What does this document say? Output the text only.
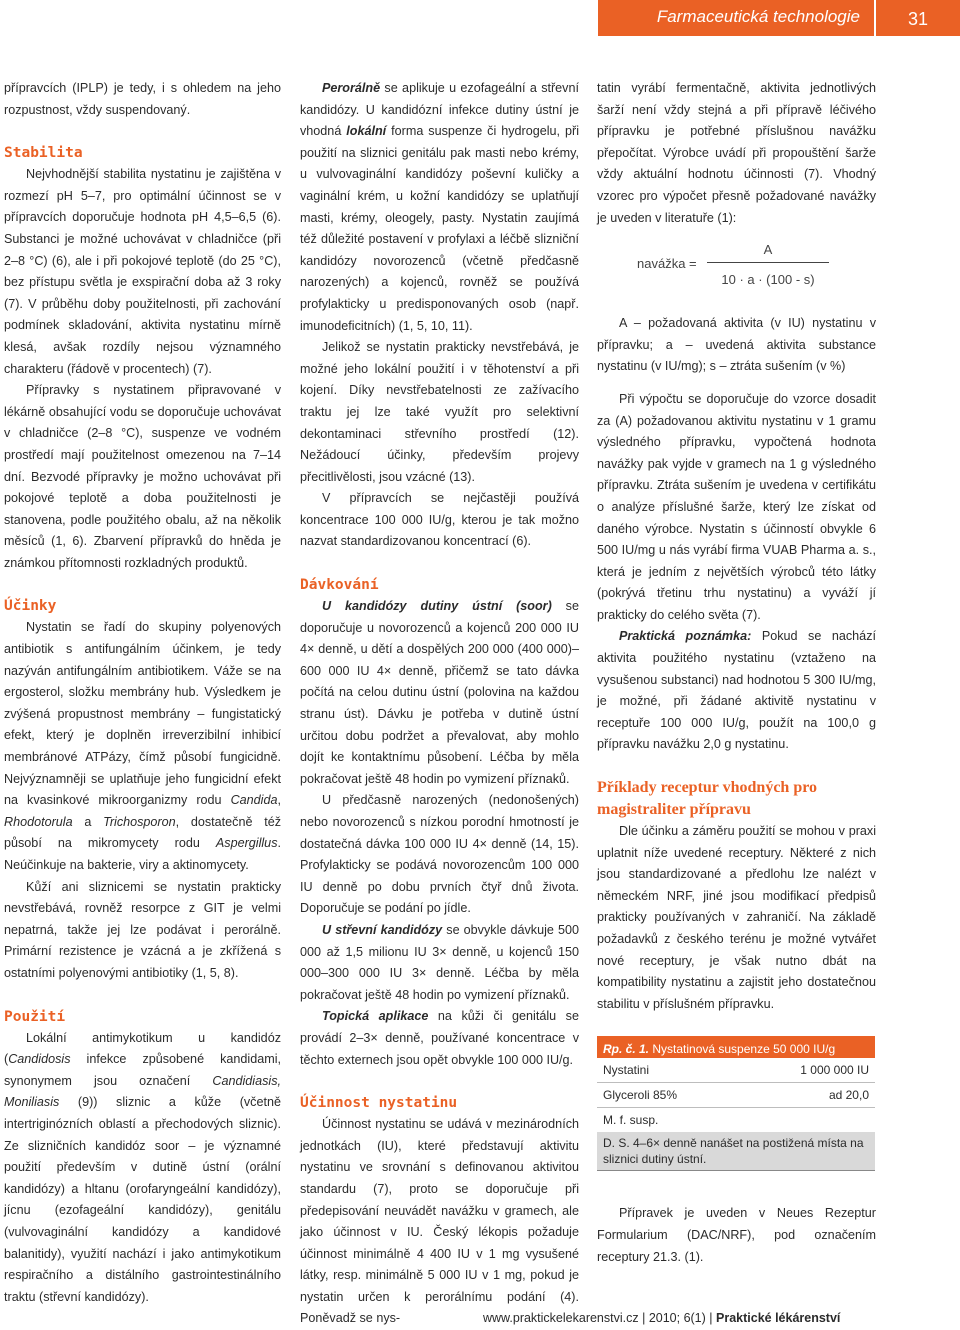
Farmaceutická technologie	31

přípravcích (IPLP) je tedy, i s ohledem na jeho rozpustnost, vždy suspendovaný.

Stabilita

Nejvhodnější stabilita nystatinu je zajištěna v rozmezí pH 5–7, pro optimální účinnost se v přípravcích doporučuje hodnota pH 4,5–6,5 (6). Substanci je možné uchovávat v chladničce (při 2–8 °C) (6), ale i při pokojové teplotě (do 25 °C), bez přístupu světla je exspirační doba až 3 roky (7). V průběhu doby použitelnosti, při zachování podmínek skladování, aktivita nystatinu mírně klesá, avšak rozdíly nejsou významného charakteru (řádově v procentech) (7).

Přípravky s nystatinem připravované v lékárně obsahující vodu se doporučuje uchovávat v chladničce (2–8 °C), suspenze ve vodném prostředí mají použitelnost omezenou na 7–14 dní. Bezvodé přípravky je možno uchovávat při pokojové teplotě a doba použitelnosti je stanovena, podle použitého obalu, až na několik měsíců (1, 6). Zbarvení přípravků do hněda je známkou přítomnosti rozkladných produktů.

Účinky

Nystatin se řadí do skupiny polyenových antibiotik s antifungálním účinkem, je tedy nazýván antifungálním antibiotikem. Váže se na ergosterol, složku membrány hub. Výsledkem je zvýšená propustnost membrány – fungistatický efekt, který je doplněn irreverzibilní inhibicí membránové ATPázy, čímž působí fungicidně. Nejvýznamněji se uplatňuje jeho fungicidní efekt na kvasinkové mikroorganizmy rodu Candida, Rhodotorula a Trichosporon, dostatečně též působí na mikromycety rodu Aspergillus. Neúčinkuje na bakterie, viry a aktinomycety.

Kůží ani sliznicemi se nystatin prakticky nevstřebává, rovněž resorpce z GIT je velmi nepatrná, takže jej lze podávat i perorálně. Primární rezistence je vzácná a je zkřížená s ostatními polyenovými antibiotiky (1, 5, 8).

Použití

Lokální antimykotikum u kandidóz (Candidosis infekce způsobené kandidami, synonymem jsou označení Candidiasis, Moniliasis (9)) sliznic a kůže (včetně intertriginózních oblastí a přechodových sliznic). Ze slizničních kandidóz soor – je významné použití především v dutině ústní (orální kandidózy) a hltanu (orofaryngeální kandidózy), jícnu (ezofageální kandidózy), genitálu (vulvovaginální kandidózy a kandidové balanitidy), využití nachází i jako antimykotikum respiračního a distálního gastrointestinálního traktu (střevní kandidózy).

Perorálně se aplikuje u ezofageální a střevní kandidózy. U kandidózní infekce dutiny ústní je vhodná lokální forma suspenze či hydrogelu, při použití na sliznici genitálu pak masti nebo krémy, u vulvovaginální kandidózy poševní kuličky a vaginální krém, u kožní kandidózy se uplatňují masti, krémy, oleogely, pasty. Nystatin zaujímá též důležité postavení v profylaxi a léčbě slizniční kandidózy novorozenců (včetně předčasně narozených) a kojenců, rovněž se používá profylakticky u predisponovaných osob (např. imunodeficitních) (1, 5, 10, 11).

Jelikož se nystatin prakticky nevstřebává, je možné jeho lokální použití i v těhotenství a při kojení. Díky nevstřebatelnosti ze zažívacího traktu jej lze také využít pro selektivní dekontaminaci střevního prostředí (12). Nežádoucí účinky, především projevy přecitlivělosti, jsou vzácné (13).

V přípravcích se nejčastěji používá koncentrace 100 000 IU/g, kterou je tak možno nazvat standardizovanou koncentrací (6).

Dávkování

U kandidózy dutiny ústní (soor) se doporučuje u novorozenců a kojenců 200 000 IU 4× denně, u dětí a dospělých 200 000 (400 000)–600 000 IU 4× denně, přičemž se tato dávka počítá na celou dutinu ústní (polovina na každou stranu úst). Dávku je potřeba v dutině ústní určitou dobu podržet a převalovat, aby mohlo dojít ke kontaktnímu působení. Léčba by měla pokračovat ještě 48 hodin po vymizení příznaků.

U předčasně narozených (nedonošených) nebo novorozenců s nízkou porodní hmotností je dostatečná dávka 100 000 IU 4× denně (14, 15). Profylakticky se podává novorozencům 100 000 IU denně po dobu prvních čtyř dnů života. Doporučuje se podání po jídle.

U střevní kandidózy se obvykle dávkuje 500 000 až 1,5 milionu IU 3× denně, u kojenců 150 000–300 000 IU 3× denně. Léčba by měla pokračovat ještě 48 hodin po vymizení příznaků.

Topická aplikace na kůži či genitálu se provádí 2–3× denně, používané koncentrace v těchto externech jsou opět obvykle 100 000 IU/g.

Účinnost nystatinu

Účinnost nystatinu se udává v mezinárodních jednotkách (IU), které představují aktivitu nystatinu ve srovnání s definovanou aktivitou standardu (7), proto se doporučuje při předepisování neuvádět navážku v gramech, ale jako účinnost v IU. Český lékopis požaduje účinnost minimálně 4 400 IU v 1 mg vysušené látky, resp. minimálně 5 000 IU v 1 mg, pokud je nystatin určen k perorálnímu podání (4). Poněvadž se nys-

tatin vyrábí fermentačně, aktivita jednotlivých šarží není vždy stejná a při přípravě léčivého přípravku je potřebné příslušnou navážku přepočítat. Výrobce uvádí při propouštění šarže vždy aktuální hodnotu účinnosti (7). Vhodný vzorec pro výpočet přesně požadované navážky je uveden v literatuře (1):

navážka =
A
10 · a · (100 - s)

A – požadovaná aktivita (v IU) nystatinu v přípravku; a – uvedená aktivita substance nystatinu (v IU/mg); s – ztráta sušením (v %)

Při výpočtu se doporučuje do vzorce dosadit za (A) požadovanou aktivitu nystatinu v 1 gramu výsledného přípravku, vypočtená hodnota navážky pak vyjde v gramech na 1 g výsledného přípravku. Ztráta sušením je uvedena v certifikátu o analýze příslušné šarže, který lze získat od daného výrobce. Nystatin s účinností obvykle 6 500 IU/mg u nás vyrábí firma VUAB Pharma a. s., která je jedním z největších výrobců této látky (pokrývá třetinu trhu nystatinu) a vyváží jí prakticky do celého světa (7).

Praktická poznámka: Pokud se nachází aktivita použitého nystatinu (vztaženo na vysušenou substanci) nad hodnotou 5 300 IU/mg, je možné, při žádané aktivitě nystatinu v receptuře 100 000 IU/g, použít na 100,0 g přípravku navážku 2,0 g nystatinu.

Příklady receptur vhodných pro magistraliter přípravu

Dle účinku a záměru použití se mohou v praxi uplatnit níže uvedené receptury. Některé z nich jsou standardizované a předlohu lze nalézt v německém NRF, jiné jsou modifikací předpisů prakticky používaných v zahraničí. Na základě požadavků z českého terénu je možné vytvářet nové receptury, je však nutno dbát na kompatibility nystatinu a zajistit jeho dostatečnou stabilitu v příslušném přípravku.

Rp. č. 1. Nystatinová suspenze 50 000 IU/g
Nystatini	1 000 000 IU
Glyceroli 85%	ad 20,0
M. f. susp.
D. S. 4–6× denně nanášet na postižená místa na sliznici dutiny ústní.

Přípravek je uveden v Neues Rezeptur Formularium (DAC/NRF), pod označením receptury 21.3. (1).

www.praktickelekarenstvi.cz | 2010; 6(1) | Praktické lékárenství
